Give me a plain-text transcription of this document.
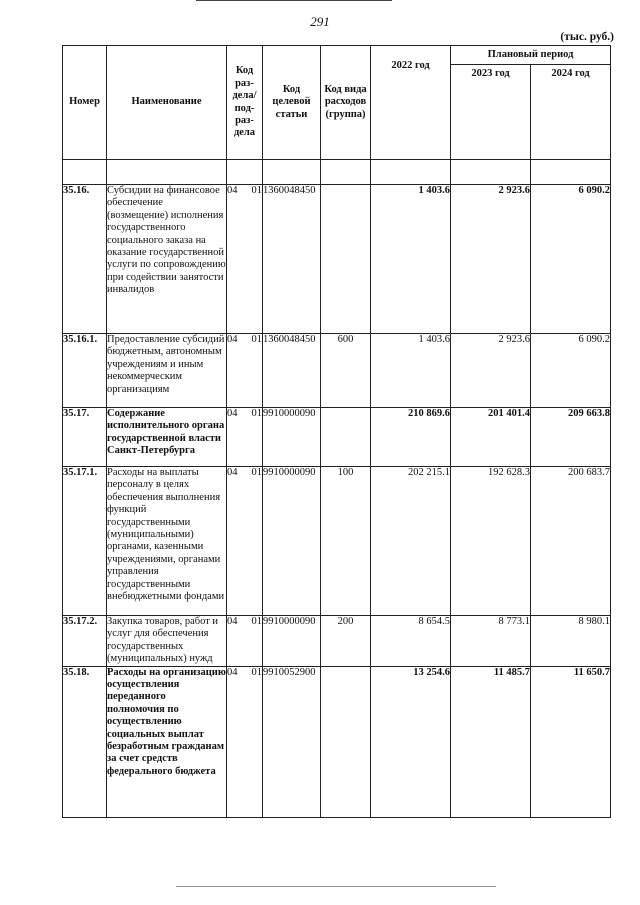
291
(тыс. руб.)
Номер	Наименование	Код раз-дела/ под-раз-дела		Код целевой статьи	Код вида расходов (группа)	2022 год	Плановый период	
							2023 год	2024 год

35.16.	Субсидии на финансовое обеспечение (возмещение) исполнения государственного социального заказа на оказание государственной услуги по сопровождению при содействии занятости инвалидов	04	01	1360048450		1 403.6	2 923.6	6 090.2
35.16.1.	Предоставление субсидий бюджетным, автономным учреждениям и иным некоммерческим организациям	04	01	1360048450	600	1 403.6	2 923.6	6 090.2
35.17.	Содержание исполнительного органа государственной власти Санкт-Петербурга	04	01	9910000090		210 869.6	201 401.4	209 663.8
35.17.1.	Расходы на выплаты персоналу в целях обеспечения выполнения функций государственными (муниципальными) органами, казенными учреждениями, органами управления государственными внебюджетными фондами	04	01	9910000090	100	202 215.1	192 628.3	200 683.7
35.17.2.	Закупка товаров, работ и услуг для обеспечения государственных (муниципальных) нужд	04	01	9910000090	200	8 654.5	8 773.1	8 980.1
35.18.	Расходы на организацию осуществления переданного полномочия по осуществлению социальных выплат безработным гражданам за счет средств федерального бюджета	04	01	9910052900		13 254.6	11 485.7	11 650.7
